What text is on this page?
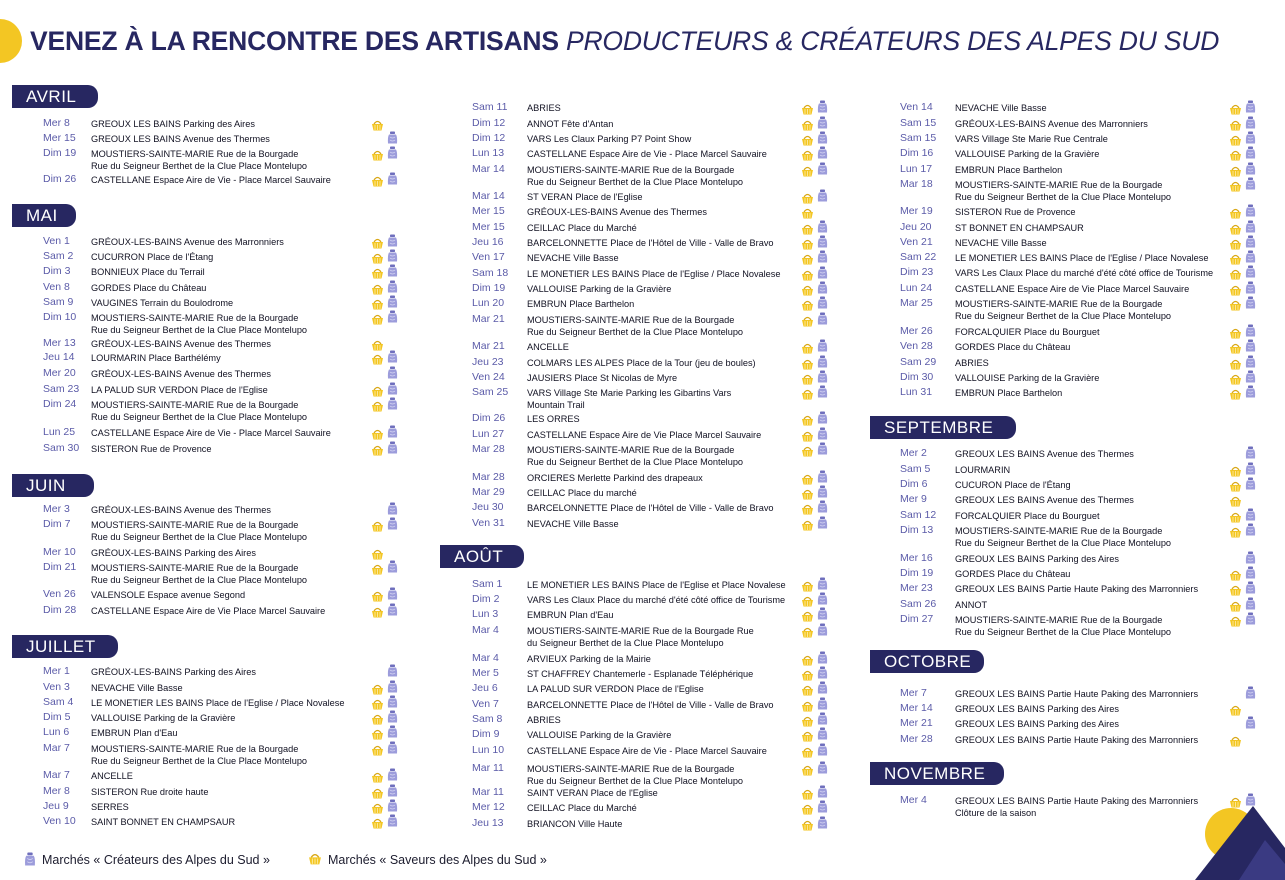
VENEZ À LA RENCONTRE DES ARTISANS PRODUCTEURS & CRÉATEURS DES ALPES DU SUD
AVRIL
MAI
JUIN
JUILLET
AOÛT
SEPTEMBRE
OCTOBRE
NOVEMBRE
Mer 8 GREOUX LES BAINS Parking des Aires
Mer 15 GREOUX LES BAINS Avenue des Thermes
Dim 19 MOUSTIERS-SAINTE-MARIE Rue de la Bourgade
Rue du Seigneur Berthet de la Clue Place Montelupo
Dim 26 CASTELLANE Espace Aire de Vie - Place Marcel Sauvaire
Ven 1 GRÉOUX-LES-BAINS Avenue des Marronniers
Sam 2 CUCURRON Place de l'Étang
Dim 3 BONNIEUX Place du Terrail
Ven 8 GORDES Place du Château
Sam 9 VAUGINES Terrain du Boulodrome
Dim 10 MOUSTIERS-SAINTE-MARIE Rue de la Bourgade
Rue du Seigneur Berthet de la Clue Place Montelupo
Mer 13 GRÉOUX-LES-BAINS Avenue des Thermes
Jeu 14 LOURMARIN Place Barthélémy
Mer 20 GRÉOUX-LES-BAINS Avenue des Thermes
Sam 23 LA PALUD SUR VERDON Place de l'Eglise
Dim 24 MOUSTIERS-SAINTE-MARIE Rue de la Bourgade
Rue du Seigneur Berthet de la Clue Place Montelupo
Lun 25 CASTELLANE Espace Aire de Vie - Place Marcel Sauvaire
Sam 30 SISTERON Rue de Provence
Mer 3 GRÉOUX-LES-BAINS Avenue des Thermes
Dim 7 MOUSTIERS-SAINTE-MARIE Rue de la Bourgade
Rue du Seigneur Berthet de la Clue Place Montelupo
Mer 10 GRÉOUX-LES-BAINS Parking des Aires
Dim 21 MOUSTIERS-SAINTE-MARIE Rue de la Bourgade
Rue du Seigneur Berthet de la Clue Place Montelupo
Ven 26 VALENSOLE Espace avenue Segond
Dim 28 CASTELLANE Espace Aire de Vie Place Marcel Sauvaire
Mer 1 GRÉOUX-LES-BAINS Parking des Aires
Ven 3 NEVACHE Ville Basse
Sam 4 LE MONETIER LES BAINS Place de l'Eglise / Place Novalese
Dim 5 VALLOUISE Parking de la Gravière
Lun 6 EMBRUN Plan d'Eau
Mar 7 MOUSTIERS-SAINTE-MARIE Rue de la Bourgade
Rue du Seigneur Berthet de la Clue Place Montelupo
Mar 7 ANCELLE
Mer 8 SISTERON Rue droite haute
Jeu 9 SERRES
Ven 10 SAINT BONNET EN CHAMPSAUR
Sam 11 ABRIES
Dim 12 ANNOT Fête d'Antan
Dim 12 VARS Les Claux Parking P7 Point Show
Lun 13 CASTELLANE Espace Aire de Vie - Place Marcel Sauvaire
Mar 14 MOUSTIERS-SAINTE-MARIE Rue de la Bourgade
Rue du Seigneur Berthet de la Clue Place Montelupo
Mar 14 ST VERAN Place de l'Eglise
Mer 15 GRÉOUX-LES-BAINS Avenue des Thermes
Mer 15 CEILLAC Place du Marché
Jeu 16	BARCELONNETTE Place de l'Hôtel de Ville - Valle de Bravo
Ven 17 NEVACHE Ville Basse
Sam 18 LE MONETIER LES BAINS Place de l'Eglise / Place Novalese
Dim 19 VALLOUISE Parking de la Gravière
Lun 20 EMBRUN Place Barthelon
Mar 21 MOUSTIERS-SAINTE-MARIE Rue de la Bourgade
Rue du Seigneur Berthet de la Clue Place Montelupo
Mar 21 ANCELLE
Jeu 23	COLMARS LES ALPES Place de la Tour (jeu de boules)
Ven 24 JAUSIERS Place St Nicolas de Myre
Sam 25 VARS Village Ste Marie Parking les Gibartins Vars
Mountain Trail
Dim 26 LES ORRES
Lun 27 CASTELLANE Espace Aire de Vie Place Marcel Sauvaire
Mar 28 MOUSTIERS-SAINTE-MARIE Rue de la Bourgade
Rue du Seigneur Berthet de la Clue Place Montelupo
Mar 28 ORCIERES Merlette Parkind des drapeaux
Mar 29 CEILLAC Place du marché
Jeu 30	BARCELONNETTE Place de l'Hôtel de Ville - Valle de Bravo
Ven 31 NEVACHE Ville Basse
Sam 1	LE MONETIER LES BAINS Place de l'Eglise et Place Novalese
Dim 2	VARS Les Claux Place du marché d'été côté office de Tourisme
Lun 3	EMBRUN Plan d'Eau
Mar 4	MOUSTIERS-SAINTE-MARIE Rue de la Bourgade Rue
du Seigneur Berthet de la Clue Place Montelupo
Mar 4	ARVIEUX Parking de la Mairie
Mer 5	ST CHAFFREY Chantemerle - Esplanade Téléphérique
Jeu 6	LA PALUD SUR VERDON Place de l'Eglise
Ven 7	BARCELONNETTE Place de l'Hôtel de Ville - Valle de Bravo
Sam 8	ABRIES
Dim 9	VALLOUISE Parking de la Gravière
Lun 10 CASTELLANE Espace Aire de Vie - Place Marcel Sauvaire
Mar 11	MOUSTIERS-SAINTE-MARIE Rue de la Bourgade
Rue du Seigneur Berthet de la Clue Place Montelupo
Mar 11	SAINT VERAN Place de l'Eglise
Mer 12 CEILLAC Place du Marché
Jeu 13	BRIANCON Ville Haute
Ven 14 NEVACHE Ville Basse
Sam 15 GRÉOUX-LES-BAINS Avenue des Marronniers
Sam 15 VARS Village Ste Marie Rue Centrale
Dim 16 VALLOUISE Parking de la Gravière
Lun 17 EMBRUN Place Barthelon
Mar 18 MOUSTIERS-SAINTE-MARIE Rue de la Bourgade
Rue du Seigneur Berthet de la Clue Place Montelupo
Mer 19 SISTERON Rue de Provence
Jeu 20	ST BONNET EN CHAMPSAUR
Ven 21 NEVACHE Ville Basse
Sam 22 LE MONETIER LES BAINS Place de l'Eglise / Place Novalese
Dim 23 VARS Les Claux Place du marché d'été côté office de Tourisme
Lun 24 CASTELLANE Espace Aire de Vie Place Marcel Sauvaire
Mar 25 MOUSTIERS-SAINTE-MARIE Rue de la Bourgade
Rue du Seigneur Berthet de la Clue Place Montelupo
Mer 26 FORCALQUIER Place du Bourguet
Ven 28 GORDES Place du Château
Sam 29 ABRIES
Dim 30 VALLOUISE Parking de la Gravière
Lun 31 EMBRUN Place Barthelon
Mer 2	GREOUX LES BAINS Avenue des Thermes
Sam 5	LOURMARIN
Dim 6	CUCURON Place de l'Étang
Mer 9	GREOUX LES BAINS Avenue des Thermes
Sam 12 FORCALQUIER Place du Bourguet
Dim 13 MOUSTIERS-SAINTE-MARIE Rue de la Bourgade
Rue du Seigneur Berthet de la Clue Place Montelupo
Mer 16 GREOUX LES BAINS Parking des Aires
Dim 19 GORDES Place du Château
Mer 23 GREOUX LES BAINS Partie Haute Paking des Marronniers
Sam 26 ANNOT
Dim 27 MOUSTIERS-SAINTE-MARIE Rue de la Bourgade
Rue du Seigneur Berthet de la Clue Place Montelupo
Mer 7	GREOUX LES BAINS Partie Haute Paking des Marronniers
Mer 14 GREOUX LES BAINS Parking des Aires
Mer 21 GREOUX LES BAINS Parking des Aires
Mer 28 GREOUX LES BAINS Partie Haute Paking des Marronniers
Mer 4	GREOUX LES BAINS Partie Haute Paking des Marronniers
Clôture de la saison
Marchés « Créateurs des Alpes du Sud »	Marchés « Saveurs des Alpes du Sud »
